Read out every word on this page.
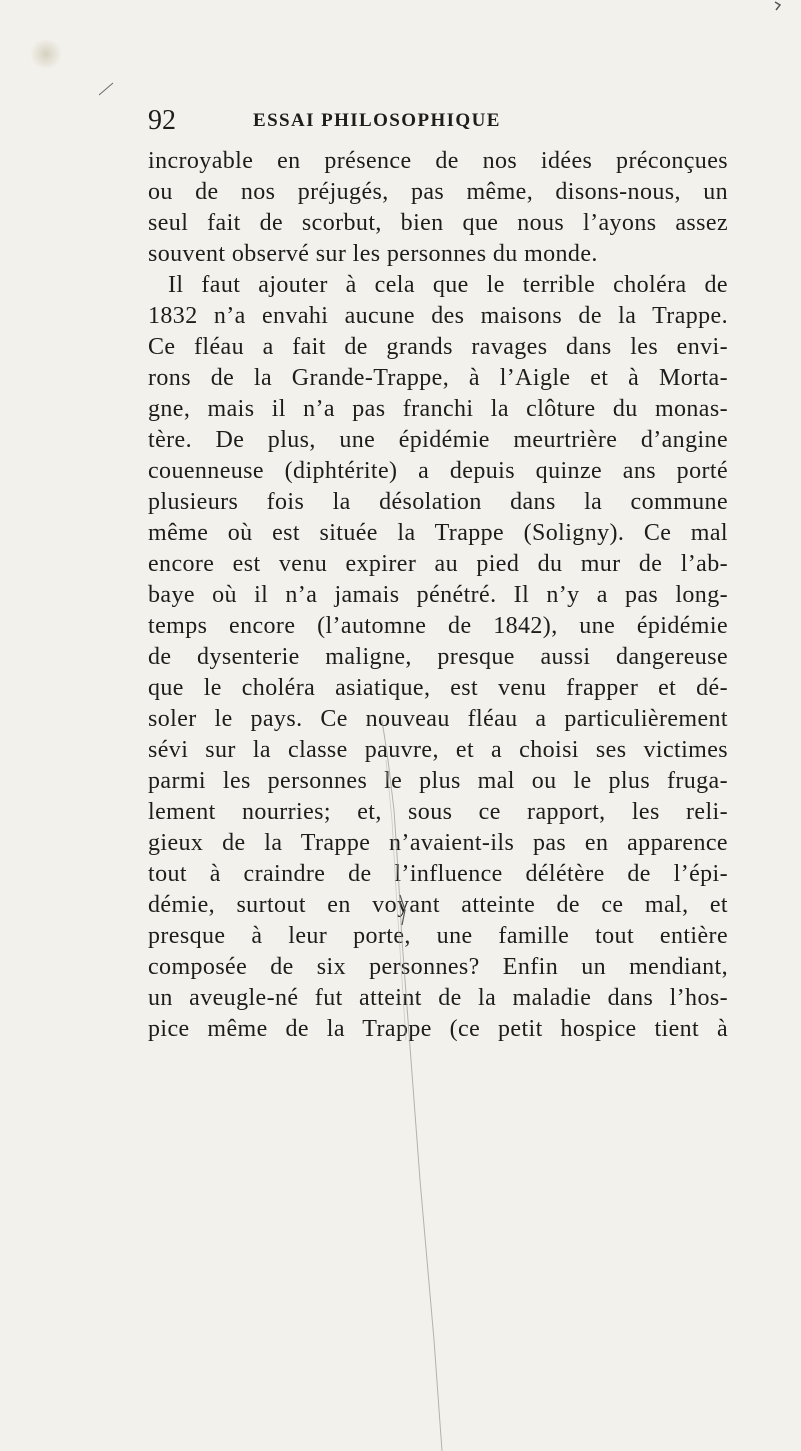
92	ESSAI PHILOSOPHIQUE
incroyable en présence de nos idées préconçues
ou de nos préjugés, pas même, disons-nous, un
seul fait de scorbut, bien que nous l’ayons assez
souvent observé sur les personnes du monde.
Il faut ajouter à cela que le terrible choléra de
1832 n’a envahi aucune des maisons de la Trappe.
Ce fléau a fait de grands ravages dans les envi-
rons de la Grande-Trappe, à l’Aigle et à Morta-
gne, mais il n’a pas franchi la clôture du monas-
tère. De plus, une épidémie meurtrière d’angine
couenneuse (diphtérite) a depuis quinze ans porté
plusieurs fois la désolation dans la commune
même où est située la Trappe (Soligny). Ce mal
encore est venu expirer au pied du mur de l’ab-
baye où il n’a jamais pénétré. Il n’y a pas long-
temps encore (l’automne de 1842), une épidémie
de dysenterie maligne, presque aussi dangereuse
que le choléra asiatique, est venu frapper et dé-
soler le pays. Ce nouveau fléau a particulièrement
sévi sur la classe pauvre, et a choisi ses victimes
parmi les personnes le plus mal ou le plus fruga-
lement nourries; et, sous ce rapport, les reli-
gieux de la Trappe n’avaient-ils pas en apparence
tout à craindre de l’influence délétère de l’épi-
démie, surtout en voyant atteinte de ce mal, et
presque à leur porte, une famille tout entière
composée de six personnes? Enfin un mendiant,
un aveugle-né fut atteint de la maladie dans l’hos-
pice même de la Trappe (ce petit hospice tient à
